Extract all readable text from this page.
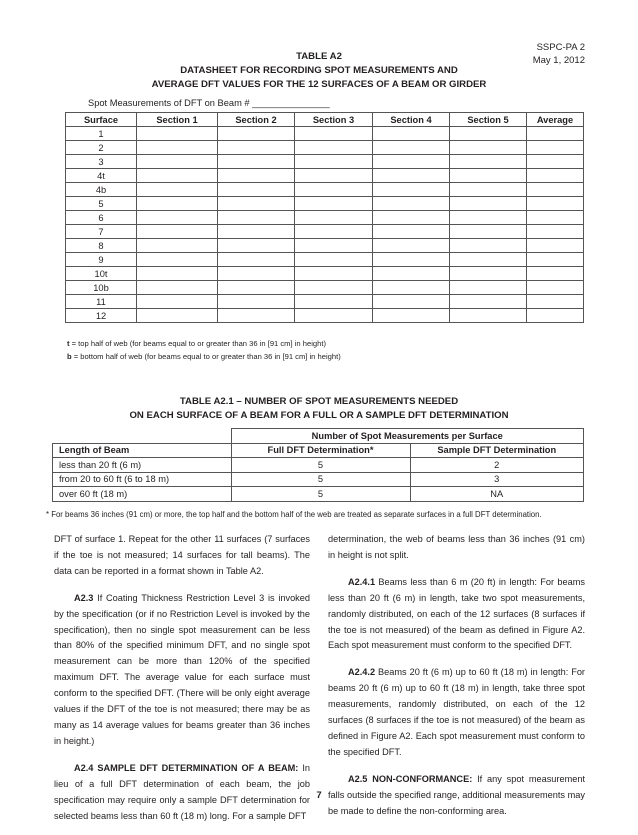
SSPC-PA 2
May 1, 2012
TABLE A2
DATASHEET FOR RECORDING SPOT MEASUREMENTS AND
AVERAGE DFT VALUES FOR THE 12 SURFACES OF A BEAM OR GIRDER
Spot Measurements of DFT on Beam # _______________
Surface	Section 1	Section 2	Section 3	Section 4	Section 5	Average
1						
2						
3						
4t						
4b						
5						
6						
7						
8						
9						
10t						
10b						
11						
12						
t = top half of web (for beams equal to or greater than 36 in [91 cm] in height)
b = bottom half of web (for beams equal to or greater than 36 in [91 cm] in height)
TABLE A2.1 – NUMBER OF SPOT MEASUREMENTS NEEDED
ON EACH SURFACE OF A BEAM FOR A FULL OR A SAMPLE DFT DETERMINATION
	Number of Spot Measurements per Surface	
Length of Beam	Full DFT Determination*	Sample DFT Determination
less than 20 ft (6 m)	5	2
from 20 to 60 ft (6 to 18 m)	5	3
over 60 ft (18 m)	5	NA
* For beams 36 inches (91 cm) or more, the top half and the bottom half of the web are treated as separate surfaces in a full DFT determination.

DFT of surface 1. Repeat for the other 11 surfaces (7 surfaces if the toe is not measured; 14 surfaces for tall beams). The data can be reported in a format shown in Table A2.

A2.3 If Coating Thickness Restriction Level 3 is invoked by the specification (or if no Restriction Level is invoked by the specification), then no single spot measurement can be less than 80% of the specified minimum DFT, and no single spot measurement can be more than 120% of the specified maximum DFT. The average value for each surface must conform to the specified DFT. (There will be only eight average values if the DFT of the toe is not measured; there may be as many as 14 average values for beams greater than 36 inches in height.)

A2.4 SAMPLE DFT DETERMINATION OF A BEAM: In lieu of a full DFT determination of each beam, the job specification may require only a sample DFT determination for selected beams less than 60 ft (18 m) long. For a sample DFT

determination, the web of beams less than 36 inches (91 cm) in height is not split.

A2.4.1 Beams less than 6 m (20 ft) in length: For beams less than 20 ft (6 m) in length, take two spot measurements, randomly distributed, on each of the 12 surfaces (8 surfaces if the toe is not measured) of the beam as defined in Figure A2. Each spot measurement must conform to the specified DFT.

A2.4.2 Beams 20 ft (6 m) up to 60 ft (18 m) in length: For beams 20 ft (6 m) up to 60 ft (18 m) in length, take three spot measurements, randomly distributed, on each of the 12 surfaces (8 surfaces if the toe is not measured) of the beam as defined in Figure A2. Each spot measurement must conform to the specified DFT.

A2.5 NON-CONFORMANCE: If any spot measurement falls outside the specified range, additional measurements may be made to define the non-conforming area.

7
